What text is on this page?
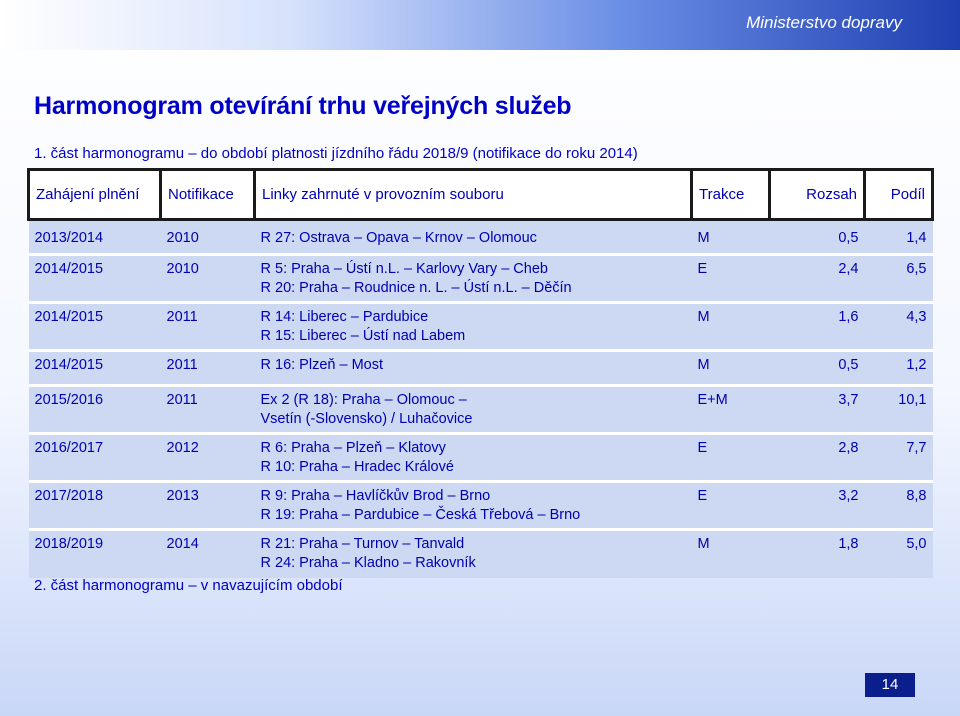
Ministerstvo dopravy
Harmonogram otevírání trhu veřejných služeb
1. část harmonogramu – do období platnosti jízdního řádu 2018/9 (notifikace do roku 2014)
Zahájení plnění	Notifikace	Linky zahrnuté v provozním souboru	Trakce	Rozsah	Podíl
2013/2014	2010	R 27: Ostrava – Opava – Krnov – Olomouc	M	0,5	1,4
2014/2015	2010	R 5: Praha – Ústí n.L. – Karlovy Vary – Cheb
R 20: Praha – Roudnice n. L. – Ústí n.L. – Děčín	E	2,4	6,5
2014/2015	2011	R 14: Liberec – Pardubice
R 15: Liberec – Ústí nad Labem	M	1,6	4,3
2014/2015	2011	R 16: Plzeň – Most	M	0,5	1,2
2015/2016	2011	Ex 2 (R 18): Praha – Olomouc –
Vsetín (-Slovensko) / Luhačovice	E+M	3,7	10,1
2016/2017	2012	R 6: Praha – Plzeň – Klatovy
R 10: Praha – Hradec Králové	E	2,8	7,7
2017/2018	2013	R 9: Praha – Havlíčkův Brod – Brno
R 19: Praha – Pardubice – Česká Třebová – Brno	E	3,2	8,8
2018/2019	2014	R 21: Praha – Turnov – Tanvald
R 24: Praha – Kladno – Rakovník	M	1,8	5,0
2. část harmonogramu – v navazujícím období
14
